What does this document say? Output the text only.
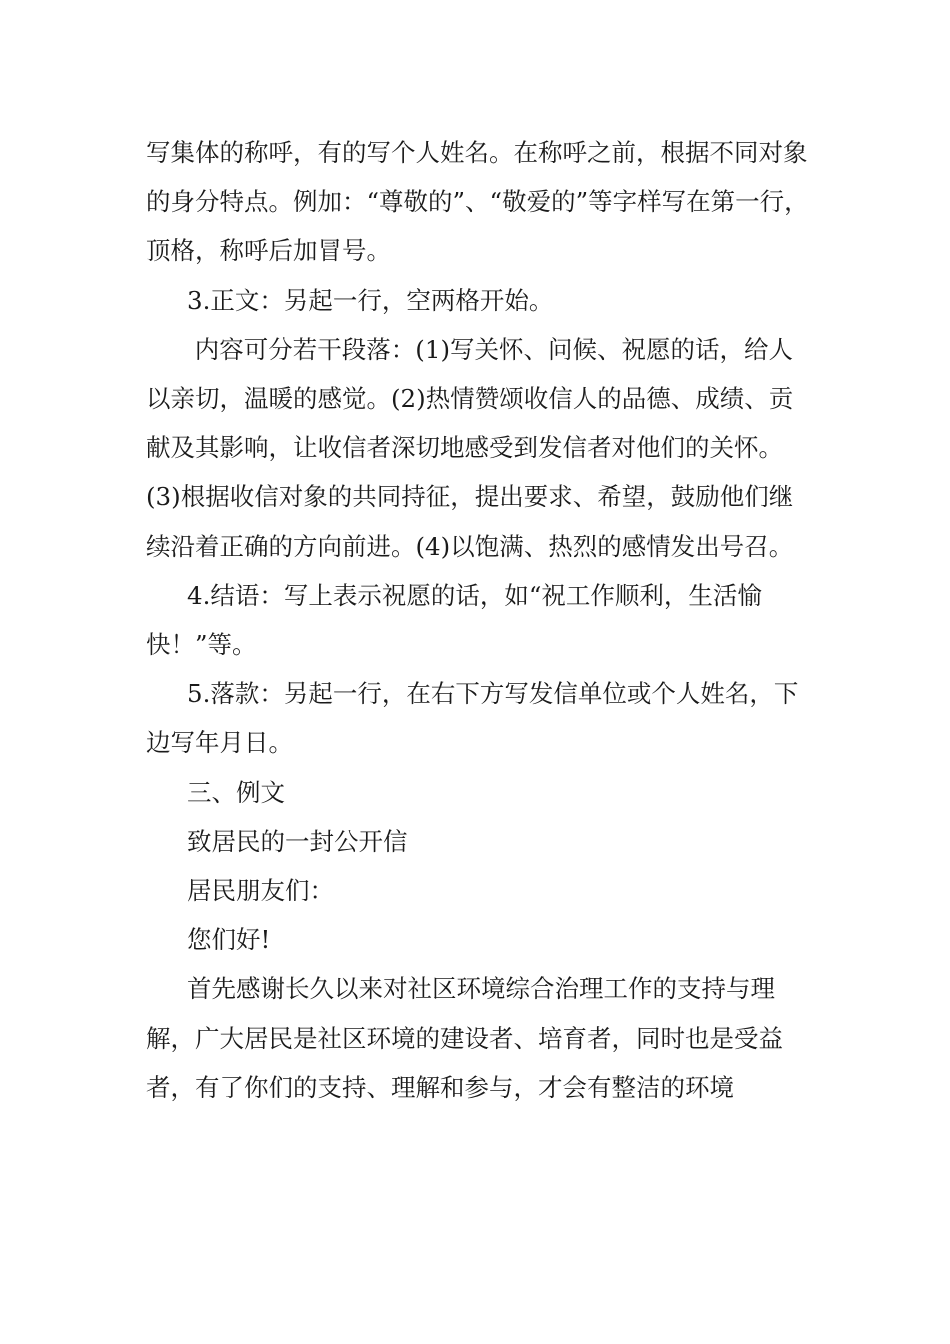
写集体的称呼，有的写个人姓名。在称呼之前，根据不同对象的身分特点。例加：“尊敬的”、“敬爱的”等字样写在第一行，顶格，称呼后加冒号。

3.正文：另起一行，空两格开始。

内容可分若干段落：(1)写关怀、问候、祝愿的话，给人以亲切，温暖的感觉。(2)热情赞颂收信人的品德、成绩、贡献及其影响，让收信者深切地感受到发信者对他们的关怀。(3)根据收信对象的共同持征，提出要求、希望，鼓励他们继续沿着正确的方向前进。(4)以饱满、热烈的感情发出号召。

4.结语：写上表示祝愿的话，如“祝工作顺利，生活愉快！”等。

5.落款：另起一行，在右下方写发信单位或个人姓名，下边写年月日。

三、例文

致居民的一封公开信

居民朋友们：

您们好!

首先感谢长久以来对社区环境综合治理工作的支持与理解，广大居民是社区环境的建设者、培育者，同时也是受益者，有了你们的支持、理解和参与，才会有整洁的环境
